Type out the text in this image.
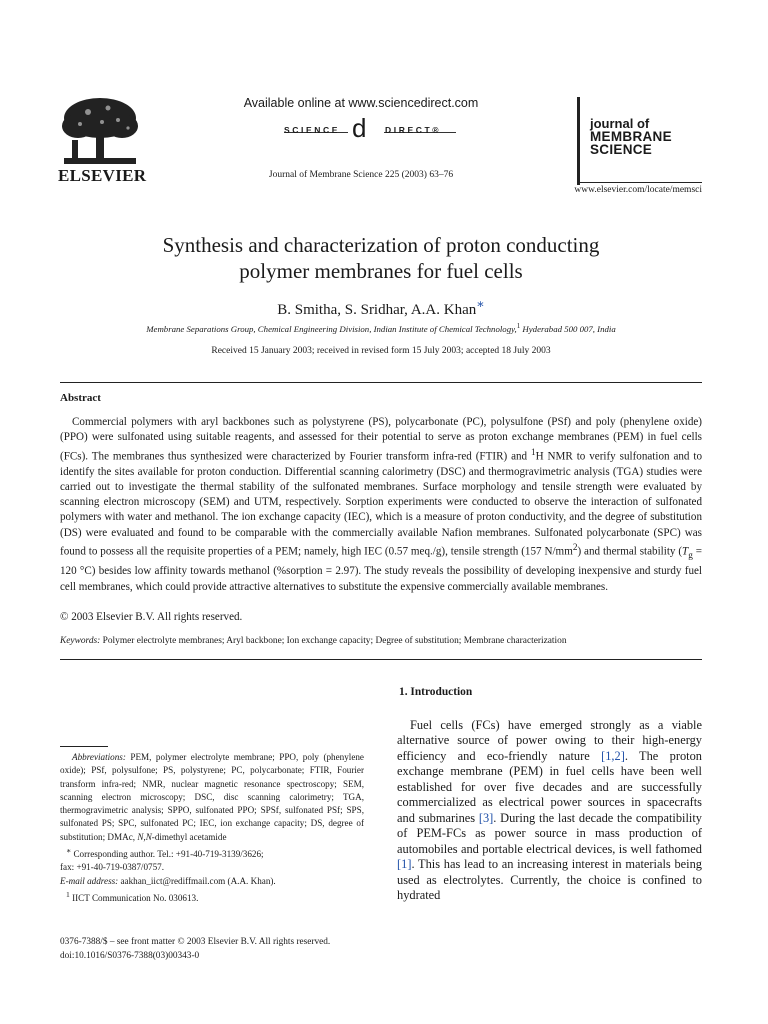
ELSEVIER
Available online at www.sciencedirect.com
SCIENCE d DIRECT®
Journal of Membrane Science 225 (2003) 63–76
journal of
MEMBRANE
SCIENCE
www.elsevier.com/locate/memsci
Synthesis and characterization of proton conducting
polymer membranes for fuel cells
B. Smitha, S. Sridhar, A.A. Khan∗
Membrane Separations Group, Chemical Engineering Division, Indian Institute of Chemical Technology,$^1$ Hyderabad 500 007, India
Received 15 January 2003; received in revised form 15 July 2003; accepted 18 July 2003
Abstract

Commercial polymers with aryl backbones such as polystyrene (PS), polycarbonate (PC), polysulfone (PSf) and poly (phenylene oxide) (PPO) were sulfonated using suitable reagents, and assessed for their potential to serve as proton exchange membranes (PEM) in fuel cells (FCs). The membranes thus synthesized were characterized by Fourier transform infra-red (FTIR) and $^1$H NMR to verify sulfonation and to identify the sites available for proton conduction. Differential scanning calorimetry (DSC) and thermogravimetric analysis (TGA) studies were carried out to investigate the thermal stability of the sulfonated membranes. Surface morphology and tensile strength were evaluated by scanning electron microscopy (SEM) and UTM, respectively. Sorption experiments were conducted to observe the interaction of sulfonated polymers with water and methanol. The ion exchange capacity (IEC), which is a measure of proton conductivity, and the degree of substitution (DS) were evaluated and found to be comparable with the commercially available Nafion membranes. Sulfonated polycarbonate (SPC) was found to possess all the requisite properties of a PEM; namely, high IEC (0.57 meq./g), tensile strength (157 $N/mm^2$) and thermal stability ($T_g = 120$ °C) besides low affinity towards methanol (%sorption = 2.97). The study reveals the possibility of developing inexpensive and sturdy fuel cell membranes, which could provide attractive alternatives to substitute the expensive commercially available membranes.

© 2003 Elsevier B.V. All rights reserved.
Keywords: Polymer electrolyte membranes; Aryl backbone; Ion exchange capacity; Degree of substitution; Membrane characterization
1. Introduction

Fuel cells (FCs) have emerged strongly as a viable alternative source of power owing to their high-energy efficiency and eco-friendly nature [1,2]. The proton exchange membrane (PEM) in fuel cells have been well established for over five decades and are successfully commercialized as electrical power sources in spacecrafts and submarines [3]. During the last decade the compatibility of PEM-FCs as power source in mass production of automobiles and portable electrical devices, is well fathomed [1]. This has lead to an increasing interest in materials being used as electrolytes. Currently, the choice is confined to hydrated

Abbreviations: PEM, polymer electrolyte membrane; PPO, poly (phenylene oxide); PSf, polysulfone; PS, polystyrene; PC, polycarbonate; FTIR, Fourier transform infra-red; NMR, nuclear magnetic resonance spectroscopy; SEM, scanning electron microscopy; DSC, disc scanning calorimetry; TGA, thermogravimetric analysis; SPPO, sulfonated PPO; SPSf, sulfonated PSf; SPS, sulfonated PS; SPC, sulfonated PC; IEC, ion exchange capacity; DS, degree of substitution; DMAc, N,N-dimethyl acetamide

∗ Corresponding author. Tel.: +91-40-719-3139/3626;

fax: +91-40-719-0387/0757.

E-mail address: aakhan_iict@rediffmail.com (A.A. Khan).

$^1$ IICT Communication No. 030613.

0376-7388/$ – see front matter © 2003 Elsevier B.V. All rights reserved.
doi:10.1016/S0376-7388(03)00343-0
